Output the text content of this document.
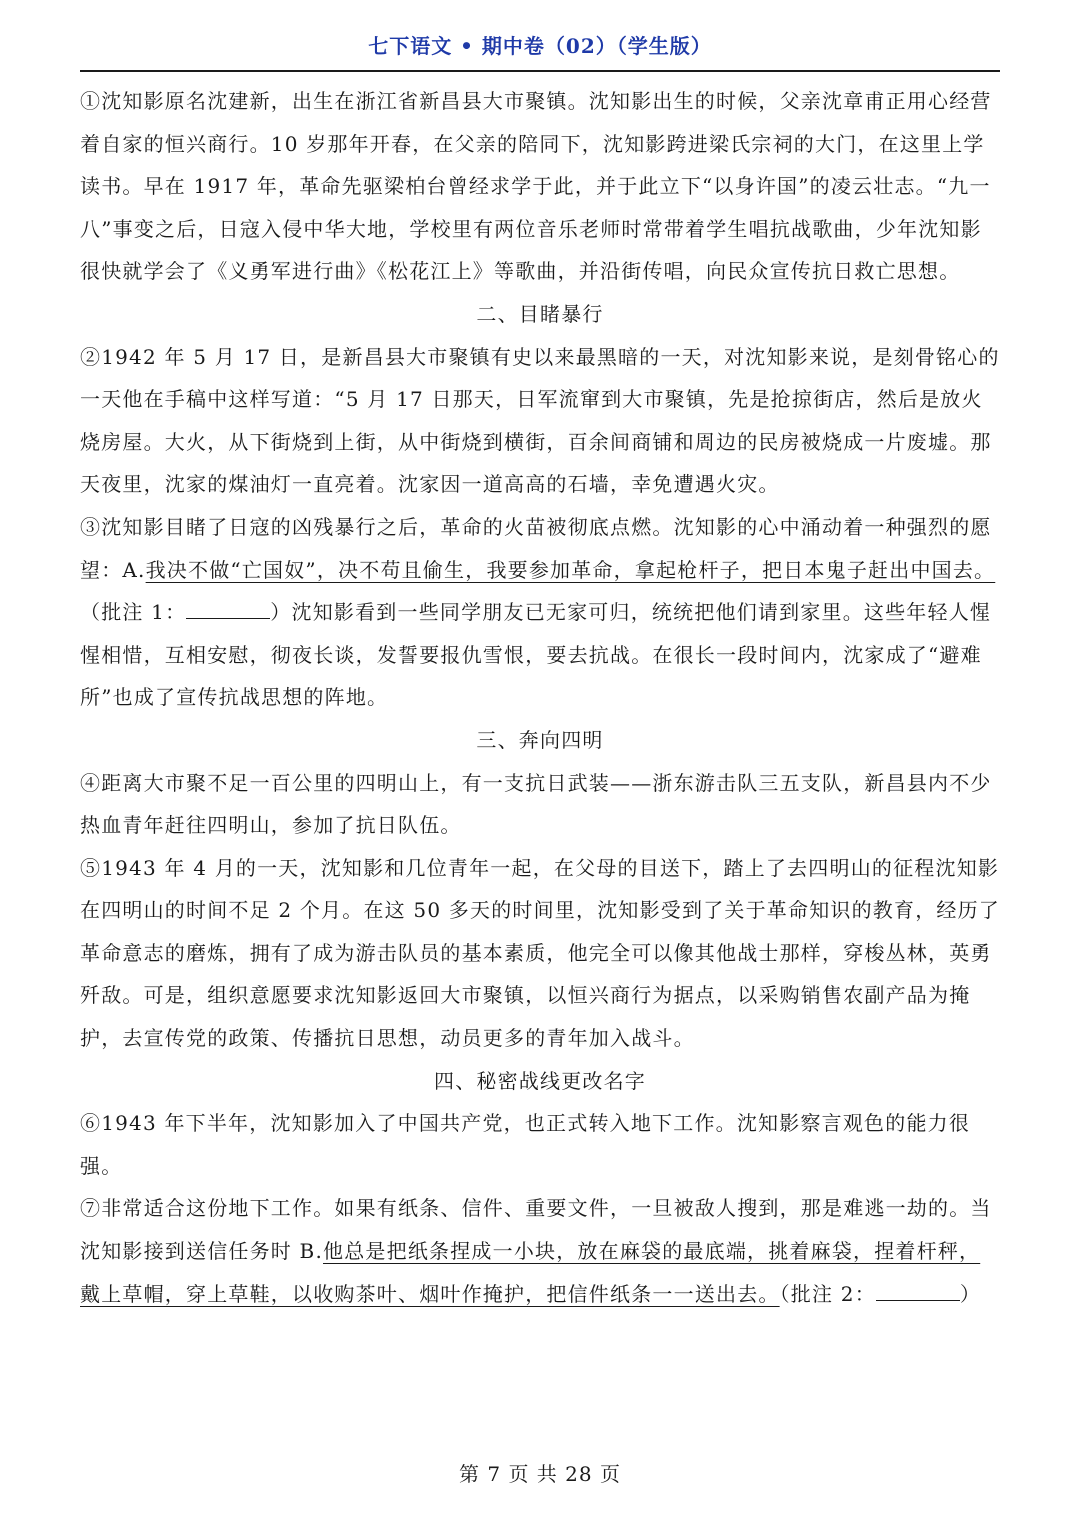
七下语文 • 期中卷（02）（学生版）

①沈知影原名沈建新，出生在浙江省新昌县大市聚镇。沈知影出生的时候，父亲沈章甫正用心经营着自家的恒兴商行。10 岁那年开春，在父亲的陪同下，沈知影跨进梁氏宗祠的大门，在这里上学读书。早在 1917 年，革命先驱梁柏台曾经求学于此，并于此立下“以身许国”的凌云壮志。“九一八”事变之后，日寇入侵中华大地，学校里有两位音乐老师时常带着学生唱抗战歌曲，少年沈知影很快就学会了《义勇军进行曲》《松花江上》等歌曲，并沿街传唱，向民众宣传抗日救亡思想。

二、目睹暴行

②1942 年 5 月 17 日，是新昌县大市聚镇有史以来最黑暗的一天，对沈知影来说，是刻骨铭心的一天他在手稿中这样写道：“5 月 17 日那天，日军流窜到大市聚镇，先是抢掠街店，然后是放火烧房屋。大火，从下街烧到上街，从中街烧到横街，百余间商铺和周边的民房被烧成一片废墟。那天夜里，沈家的煤油灯一直亮着。沈家因一道高高的石墙，幸免遭遇火灾。

③沈知影目睹了日寇的凶残暴行之后，革命的火苗被彻底点燃。沈知影的心中涌动着一种强烈的愿望：A.我决不做“亡国奴”，决不苟且偷生，我要参加革命，拿起枪杆子，把日本鬼子赶出中国去。（批注 1：	）沈知影看到一些同学朋友已无家可归，统统把他们请到家里。这些年轻人惺惺相惜，互相安慰，彻夜长谈，发誓要报仇雪恨，要去抗战。在很长一段时间内，沈家成了“避难所”也成了宣传抗战思想的阵地。

三、奔向四明

④距离大市聚不足一百公里的四明山上，有一支抗日武装——浙东游击队三五支队，新昌县内不少热血青年赶往四明山，参加了抗日队伍。

⑤1943 年 4 月的一天，沈知影和几位青年一起，在父母的目送下，踏上了去四明山的征程沈知影在四明山的时间不足 2 个月。在这 50 多天的时间里，沈知影受到了关于革命知识的教育，经历了革命意志的磨炼，拥有了成为游击队员的基本素质，他完全可以像其他战士那样，穿梭丛林，英勇歼敌。可是，组织意愿要求沈知影返回大市聚镇，以恒兴商行为据点，以采购销售农副产品为掩护，去宣传党的政策、传播抗日思想，动员更多的青年加入战斗。

四、秘密战线更改名字

⑥1943 年下半年，沈知影加入了中国共产党，也正式转入地下工作。沈知影察言观色的能力很强。

⑦非常适合这份地下工作。如果有纸条、信件、重要文件，一旦被敌人搜到，那是难逃一劫的。当沈知影接到送信任务时 B.他总是把纸条捏成一小块，放在麻袋的最底端，挑着麻袋，捏着杆秤，戴上草帽，穿上草鞋，以收购茶叶、烟叶作掩护，把信件纸条一一送出去。（批注 2：	）

第 7 页 共 28 页
